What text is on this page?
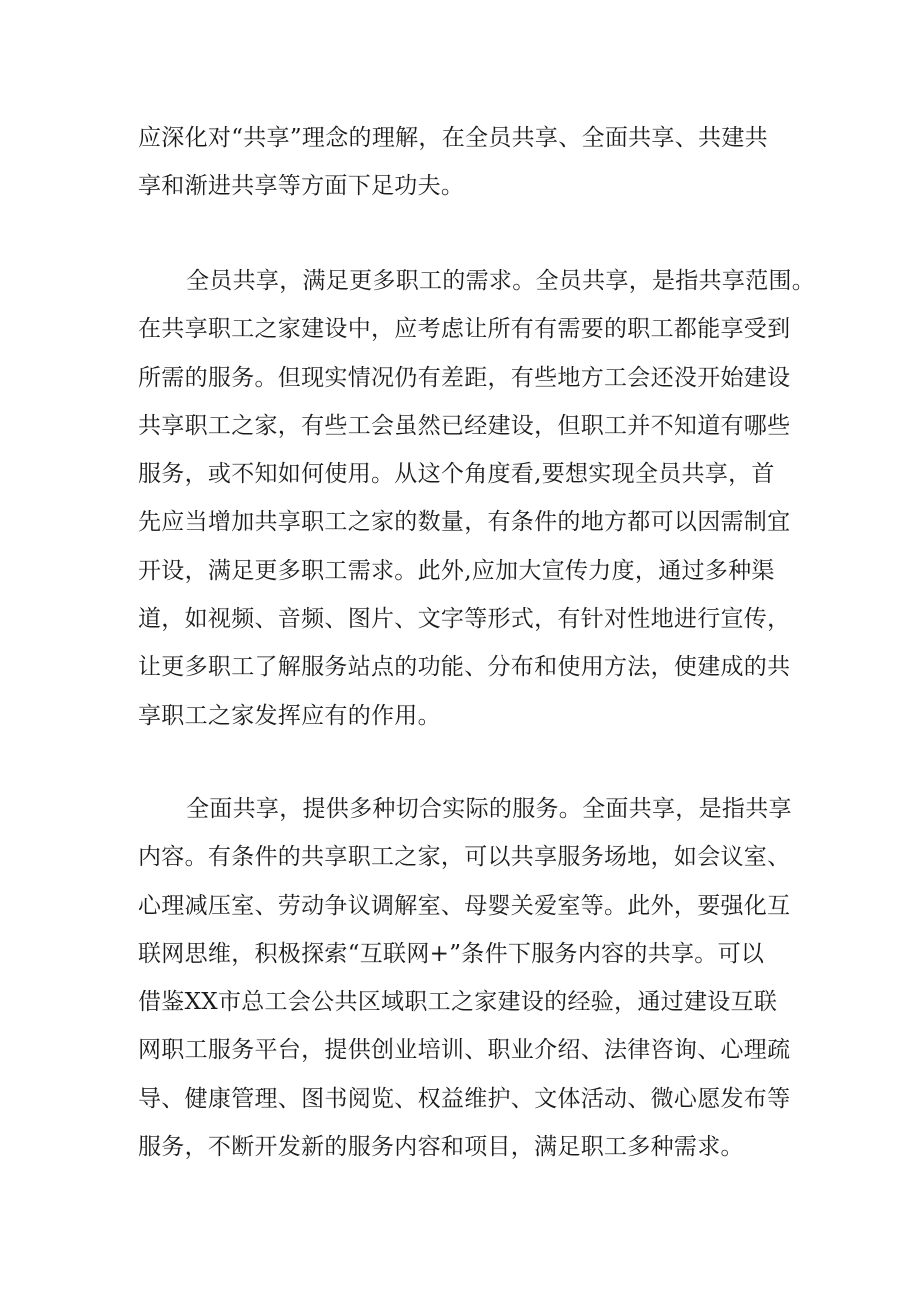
应深化对“共享”理念的理解，在全员共享、全面共享、共建共
享和渐进共享等方面下足功夫。
全员共享，满足更多职工的需求。全员共享，是指共享范围。
在共享职工之家建设中，应考虑让所有有需要的职工都能享受到
所需的服务。但现实情况仍有差距，有些地方工会还没开始建设
共享职工之家，有些工会虽然已经建设，但职工并不知道有哪些
服务，或不知如何使用。从这个角度看,要想实现全员共享，首
先应当增加共享职工之家的数量，有条件的地方都可以因需制宜
开设，满足更多职工需求。此外,应加大宣传力度，通过多种渠
道，如视频、音频、图片、文字等形式，有针对性地进行宣传，
让更多职工了解服务站点的功能、分布和使用方法，使建成的共
享职工之家发挥应有的作用。
全面共享，提供多种切合实际的服务。全面共享，是指共享
内容。有条件的共享职工之家，可以共享服务场地，如会议室、
心理减压室、劳动争议调解室、母婴关爱室等。此外，要强化互
联网思维，积极探索“互联网+”条件下服务内容的共享。可以
借鉴XX市总工会公共区域职工之家建设的经验，通过建设互联
网职工服务平台，提供创业培训、职业介绍、法律咨询、心理疏
导、健康管理、图书阅览、权益维护、文体活动、微心愿发布等
服务，不断开发新的服务内容和项目，满足职工多种需求。
